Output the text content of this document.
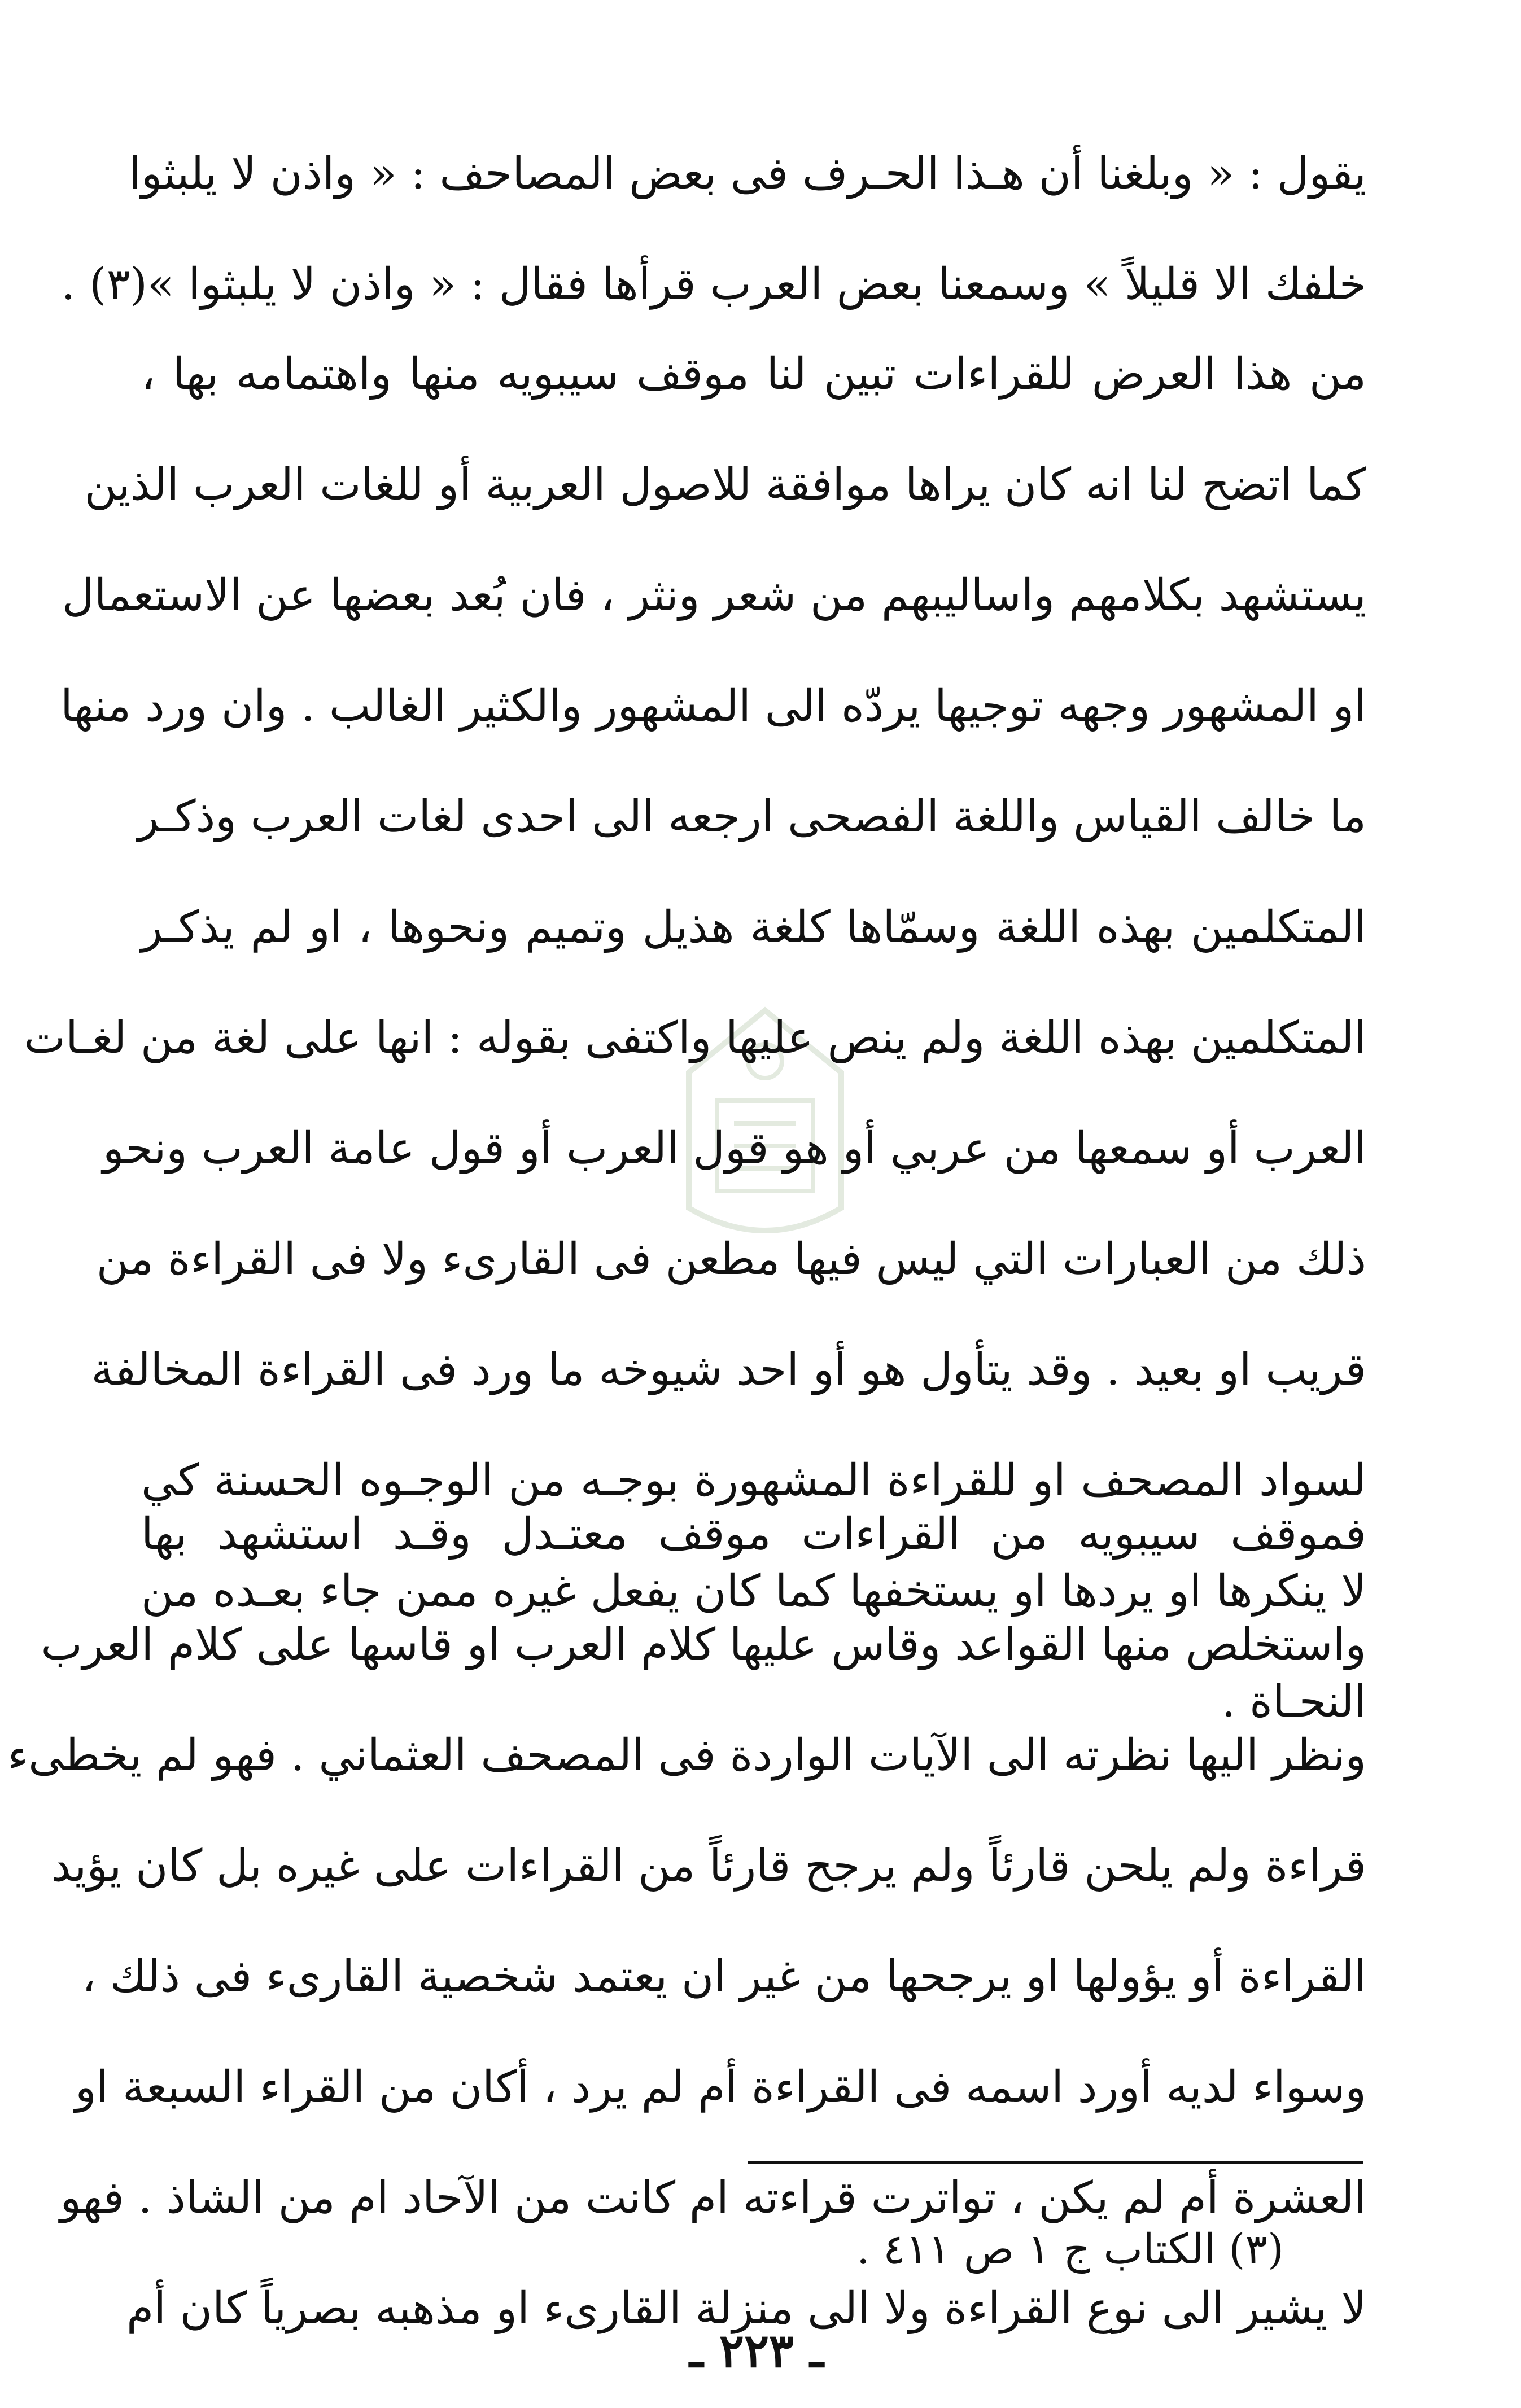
يقول : « وبلغنا أن هـذا الحـرف فى بعض المصاحف : « واذن لا يلبثوا
خلفك الا قليلاً » وسمعنا بعض العرب قرأها فقال : « واذن لا يلبثوا »(٣) .
من هذا العرض للقراءات تبين لنا موقف سيبويه منها واهتمامه بها ،
كما اتضح لنا انه كان يراها موافقة للاصول العربية أو للغات العرب الذين
يستشهد بكلامهم واساليبهم من شعر ونثر ، فان بُعد بعضها عن الاستعمال
او المشهور وجهه توجيها يردّه الى المشهور والكثير الغالب . وان ورد منها
ما خالف القياس واللغة الفصحى ارجعه الى احدى لغات العرب وذكـر
المتكلمين بهذه اللغة وسمّاها كلغة هذيل وتميم ونحوها ، او لم يذكـر
المتكلمين بهذه اللغة ولم ينص عليها واكتفى بقوله : انها على لغة من لغـات
العرب أو سمعها من عربي أو هو قول العرب أو قول عامة العرب ونحو
ذلك من العبارات التي ليس فيها مطعن فى القارىء ولا فى القراءة من
قريب او بعيد . وقد يتأول هو أو احد شيوخه ما ورد فى القراءة المخالفة
لسواد المصحف او للقراءة المشهورة بوجـه من الوجـوه الحسنة كي
لا ينكرها او يردها او يستخفها كما كان يفعل غيره ممن جاء بعـده من
النحـاة .
فموقف سيبويه من القراءات موقف معتـدل وقـد استشهد بها
واستخلص منها القواعد وقاس عليها كلام العرب او قاسها على كلام العرب
ونظر اليها نظرته الى الآيات الواردة فى المصحف العثماني . فهو لم يخطىء
قراءة ولم يلحن قارئاً ولم يرجح قارئاً من القراءات على غيره بل كان يؤيد
القراءة أو يؤولها او يرجحها من غير ان يعتمد شخصية القارىء فى ذلك ،
وسواء لديه أورد اسمه فى القراءة أم لم يرد ، أكان من القراء السبعة او
العشرة أم لم يكن ، تواترت قراءته ام كانت من الآحاد ام من الشاذ . فهو
لا يشير الى نوع القراءة ولا الى منزلة القارىء او مذهبه بصرياً كان أم
(٣) الكتاب ج ١ ص ٤١١ .
ـ ٢٢٣ ـ
